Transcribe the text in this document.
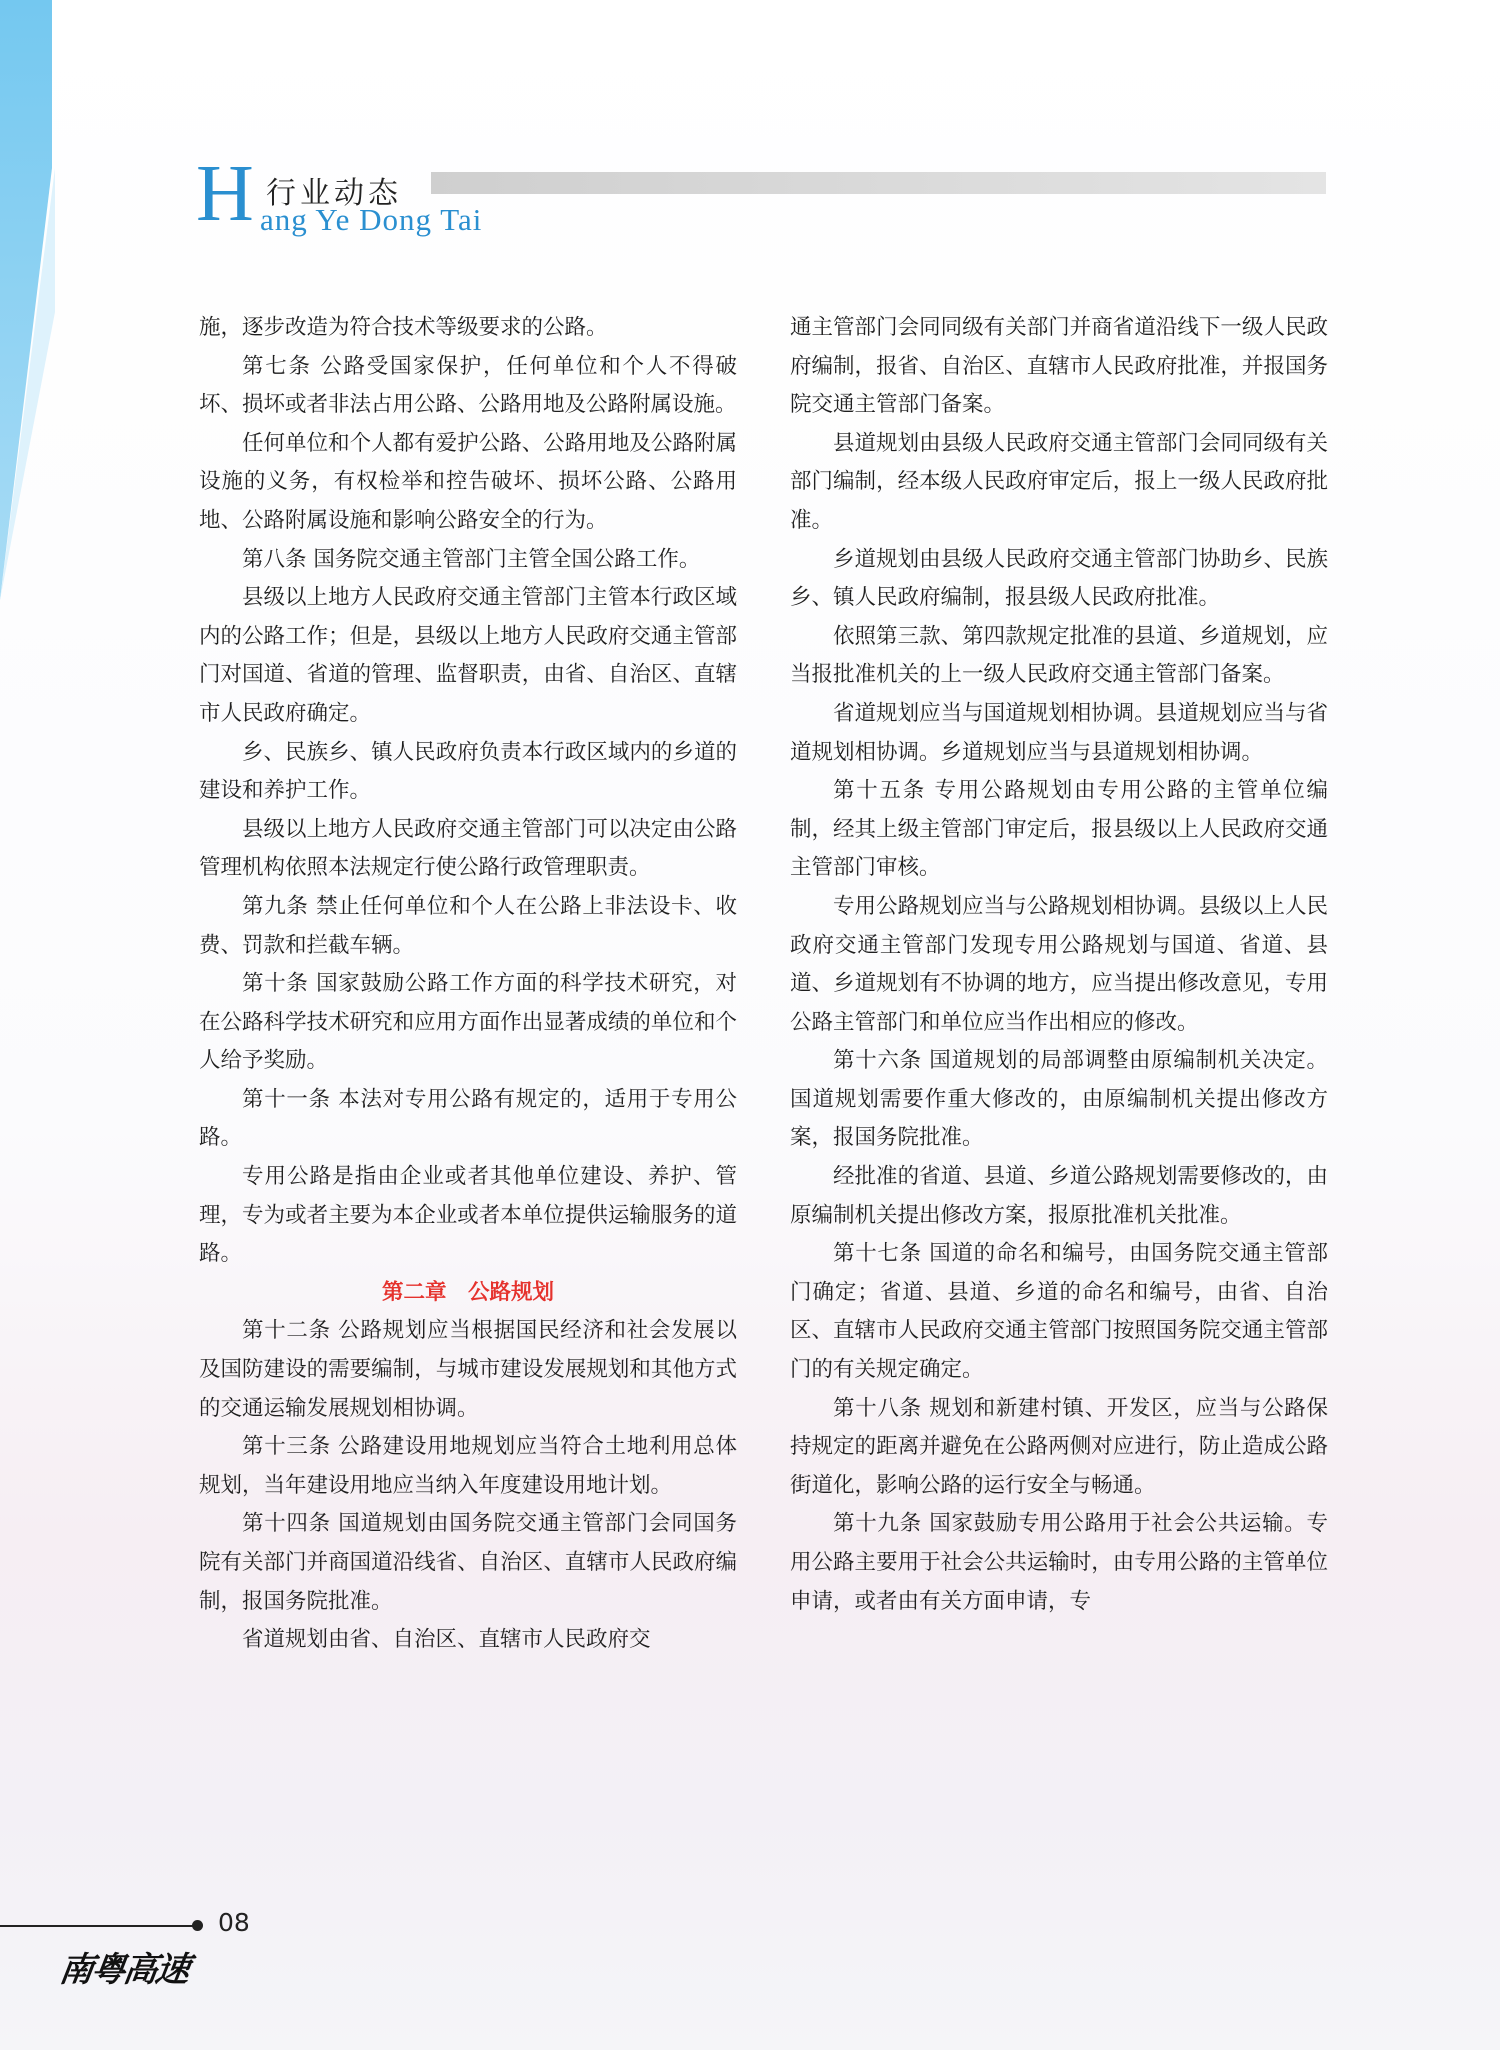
H 行业动态
ang Ye Dong Tai

施，逐步改造为符合技术等级要求的公路。

第七条 公路受国家保护，任何单位和个人不得破坏、损坏或者非法占用公路、公路用地及公路附属设施。

任何单位和个人都有爱护公路、公路用地及公路附属设施的义务，有权检举和控告破坏、损坏公路、公路用地、公路附属设施和影响公路安全的行为。

第八条 国务院交通主管部门主管全国公路工作。

县级以上地方人民政府交通主管部门主管本行政区域内的公路工作；但是，县级以上地方人民政府交通主管部门对国道、省道的管理、监督职责，由省、自治区、直辖市人民政府确定。

乡、民族乡、镇人民政府负责本行政区域内的乡道的建设和养护工作。

县级以上地方人民政府交通主管部门可以决定由公路管理机构依照本法规定行使公路行政管理职责。

第九条 禁止任何单位和个人在公路上非法设卡、收费、罚款和拦截车辆。

第十条 国家鼓励公路工作方面的科学技术研究，对在公路科学技术研究和应用方面作出显著成绩的单位和个人给予奖励。

第十一条 本法对专用公路有规定的，适用于专用公路。

专用公路是指由企业或者其他单位建设、养护、管理，专为或者主要为本企业或者本单位提供运输服务的道路。

第二章　公路规划

第十二条 公路规划应当根据国民经济和社会发展以及国防建设的需要编制，与城市建设发展规划和其他方式的交通运输发展规划相协调。

第十三条 公路建设用地规划应当符合土地利用总体规划，当年建设用地应当纳入年度建设用地计划。

第十四条 国道规划由国务院交通主管部门会同国务院有关部门并商国道沿线省、自治区、直辖市人民政府编制，报国务院批准。

省道规划由省、自治区、直辖市人民政府交

通主管部门会同同级有关部门并商省道沿线下一级人民政府编制，报省、自治区、直辖市人民政府批准，并报国务院交通主管部门备案。

县道规划由县级人民政府交通主管部门会同同级有关部门编制，经本级人民政府审定后，报上一级人民政府批准。

乡道规划由县级人民政府交通主管部门协助乡、民族乡、镇人民政府编制，报县级人民政府批准。

依照第三款、第四款规定批准的县道、乡道规划，应当报批准机关的上一级人民政府交通主管部门备案。

省道规划应当与国道规划相协调。县道规划应当与省道规划相协调。乡道规划应当与县道规划相协调。

第十五条 专用公路规划由专用公路的主管单位编制，经其上级主管部门审定后，报县级以上人民政府交通主管部门审核。

专用公路规划应当与公路规划相协调。县级以上人民政府交通主管部门发现专用公路规划与国道、省道、县道、乡道规划有不协调的地方，应当提出修改意见，专用公路主管部门和单位应当作出相应的修改。

第十六条 国道规划的局部调整由原编制机关决定。国道规划需要作重大修改的，由原编制机关提出修改方案，报国务院批准。

经批准的省道、县道、乡道公路规划需要修改的，由原编制机关提出修改方案，报原批准机关批准。

第十七条 国道的命名和编号，由国务院交通主管部门确定；省道、县道、乡道的命名和编号，由省、自治区、直辖市人民政府交通主管部门按照国务院交通主管部门的有关规定确定。

第十八条 规划和新建村镇、开发区，应当与公路保持规定的距离并避免在公路两侧对应进行，防止造成公路街道化，影响公路的运行安全与畅通。

第十九条 国家鼓励专用公路用于社会公共运输。专用公路主要用于社会公共运输时，由专用公路的主管单位申请，或者由有关方面申请，专

08
南粤高速
